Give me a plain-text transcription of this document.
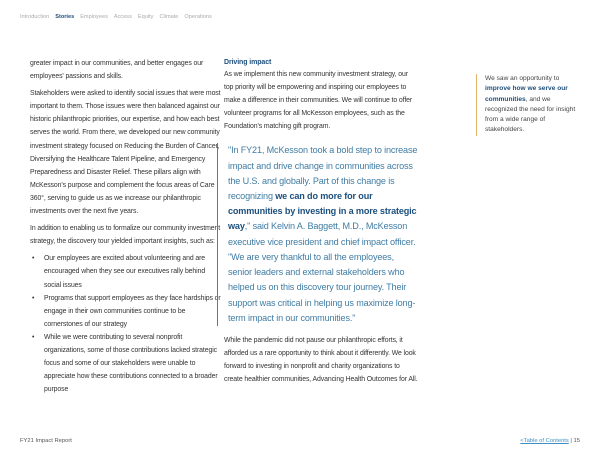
Introduction Stories Employees Access Equity Climate Operations

greater impact in our communities, and better engages our employees' passions and skills.

Stakeholders were asked to identify social issues that were most important to them. Those issues were then balanced against our historic philanthropic priorities, our expertise, and how each best serves the world. From there, we developed our new community investment strategy focused on Reducing the Burden of Cancer, Diversifying the Healthcare Talent Pipeline, and Emergency Preparedness and Disaster Relief. These pillars align with McKesson's purpose and complement the focus areas of Care 360°, serving to guide us as we increase our philanthropic investments over the next five years.

In addition to enabling us to formalize our community investment strategy, the discovery tour yielded important insights, such as:

• Our employees are excited about volunteering and are encouraged when they see our executives rally behind social issues
• Programs that support employees as they face hardships or engage in their own communities continue to be cornerstones of our strategy
• While we were contributing to several nonprofit organizations, some of those contributions lacked strategic focus and some of our stakeholders were unable to appreciate how these contributions connected to a broader purpose
Driving impact

As we implement this new community investment strategy, our top priority will be empowering and inspiring our employees to make a difference in their communities. We will continue to offer volunteer programs for all McKesson employees, such as the Foundation's matching gift program.

"In FY21, McKesson took a bold step to increase impact and drive change in communities across the U.S. and globally. Part of this change is recognizing we can do more for our communities by investing in a more strategic way," said Kelvin A. Baggett, M.D., McKesson executive vice president and chief impact officer. "We are very thankful to all the employees, senior leaders and external stakeholders who helped us on this discovery tour journey. Their support was critical in helping us maximize long-term impact in our communities."

While the pandemic did not pause our philanthropic efforts, it afforded us a rare opportunity to think about it differently. We look forward to investing in nonprofit and charity organizations to create healthier communities, Advancing Health Outcomes for All.

We saw an opportunity to improve how we serve our communities, and we recognized the need for insight from a wide range of stakeholders.
FY21 Impact Report	<Table of Contents | 15
